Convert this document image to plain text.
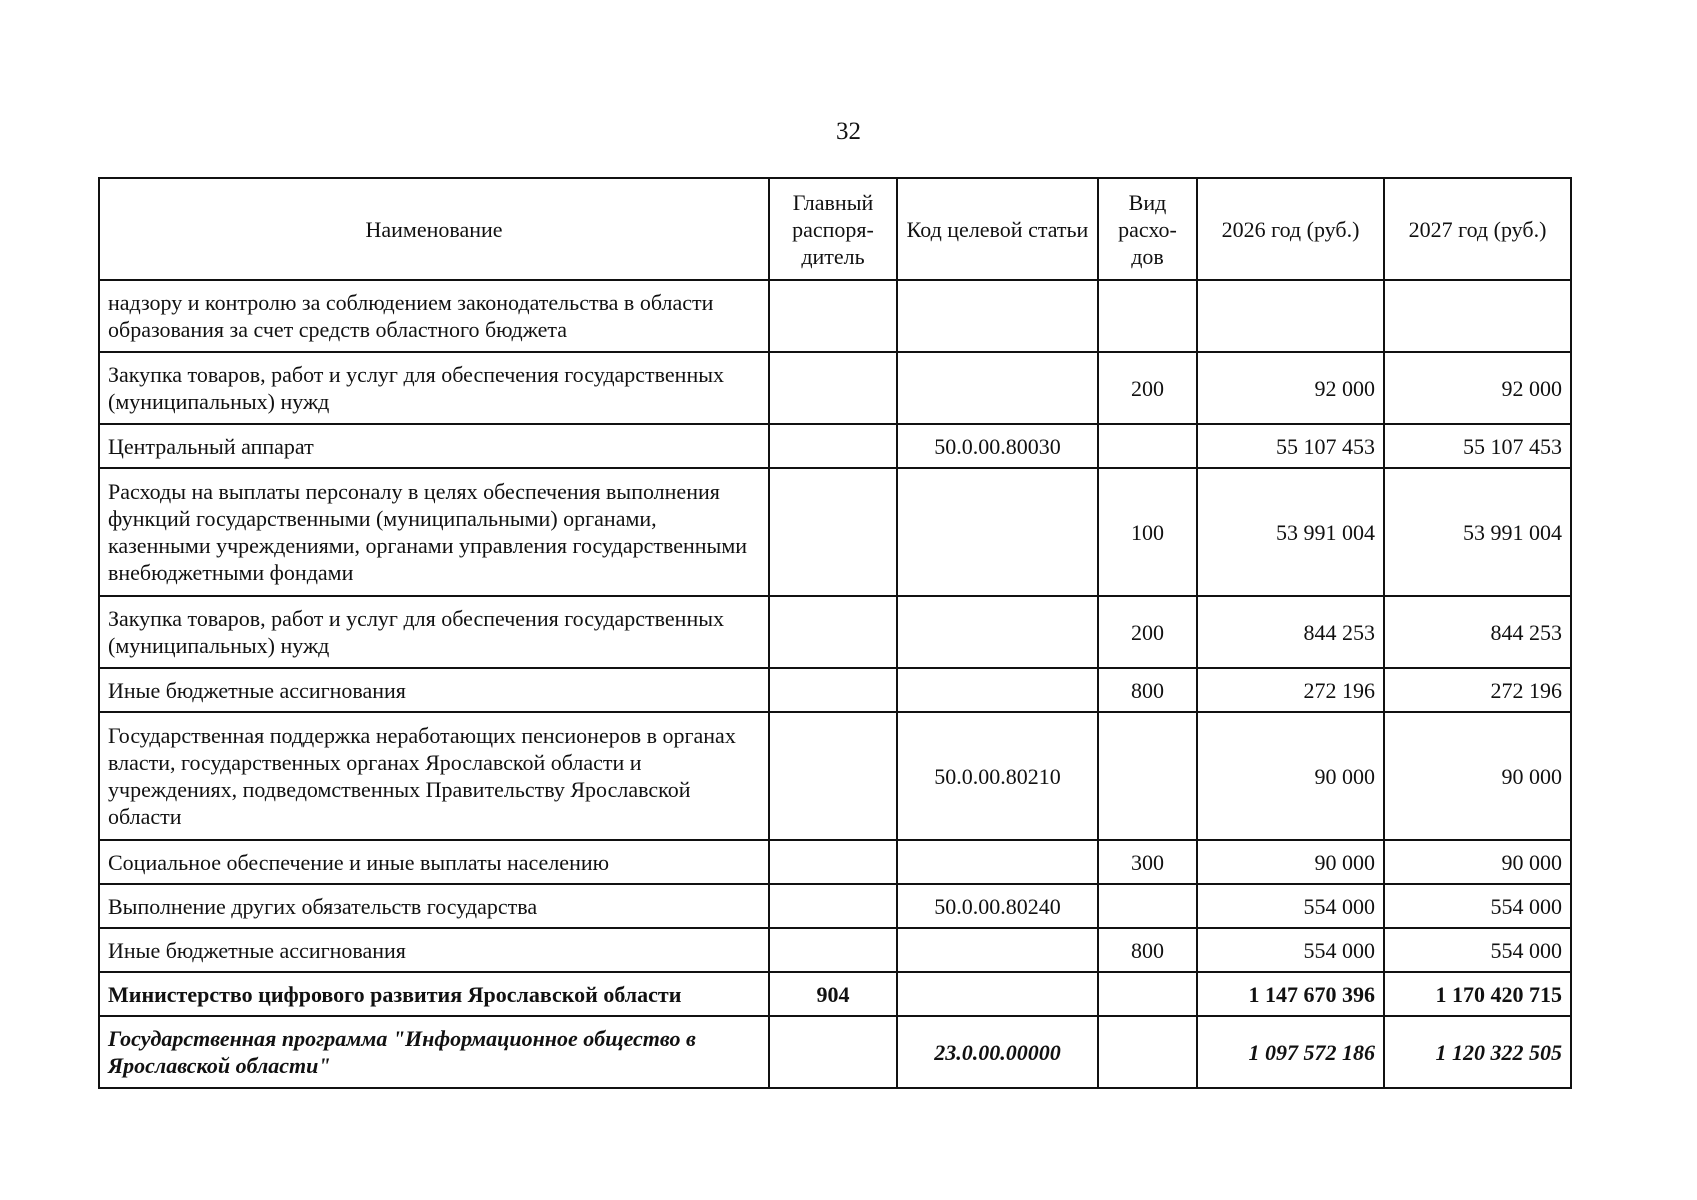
32
Наименование	Главный распоря-дитель	Код целевой статьи	Вид расхо-дов	2026 год (руб.)	2027 год (руб.)
надзору и контролю за соблюдением законодательства в области образования за счет средств областного бюджета					
Закупка товаров, работ и услуг для обеспечения государственных (муниципальных) нужд			200	92 000	92 000
Центральный аппарат		50.0.00.80030		55 107 453	55 107 453
Расходы на выплаты персоналу в целях обеспечения выполнения функций государственными (муниципальными) органами, казенными учреждениями, органами управления государственными внебюджетными фондами			100	53 991 004	53 991 004
Закупка товаров, работ и услуг для обеспечения государственных (муниципальных) нужд			200	844 253	844 253
Иные бюджетные ассигнования			800	272 196	272 196
Государственная поддержка неработающих пенсионеров в органах власти, государственных органах Ярославской области и учреждениях, подведомственных Правительству Ярославской области		50.0.00.80210		90 000	90 000
Социальное обеспечение и иные выплаты населению			300	90 000	90 000
Выполнение других обязательств государства		50.0.00.80240		554 000	554 000
Иные бюджетные ассигнования			800	554 000	554 000
Министерство цифрового развития Ярославской области	904			1 147 670 396	1 170 420 715
Государственная программа "Информационное общество в Ярославской области"		23.0.00.00000		1 097 572 186	1 120 322 505
